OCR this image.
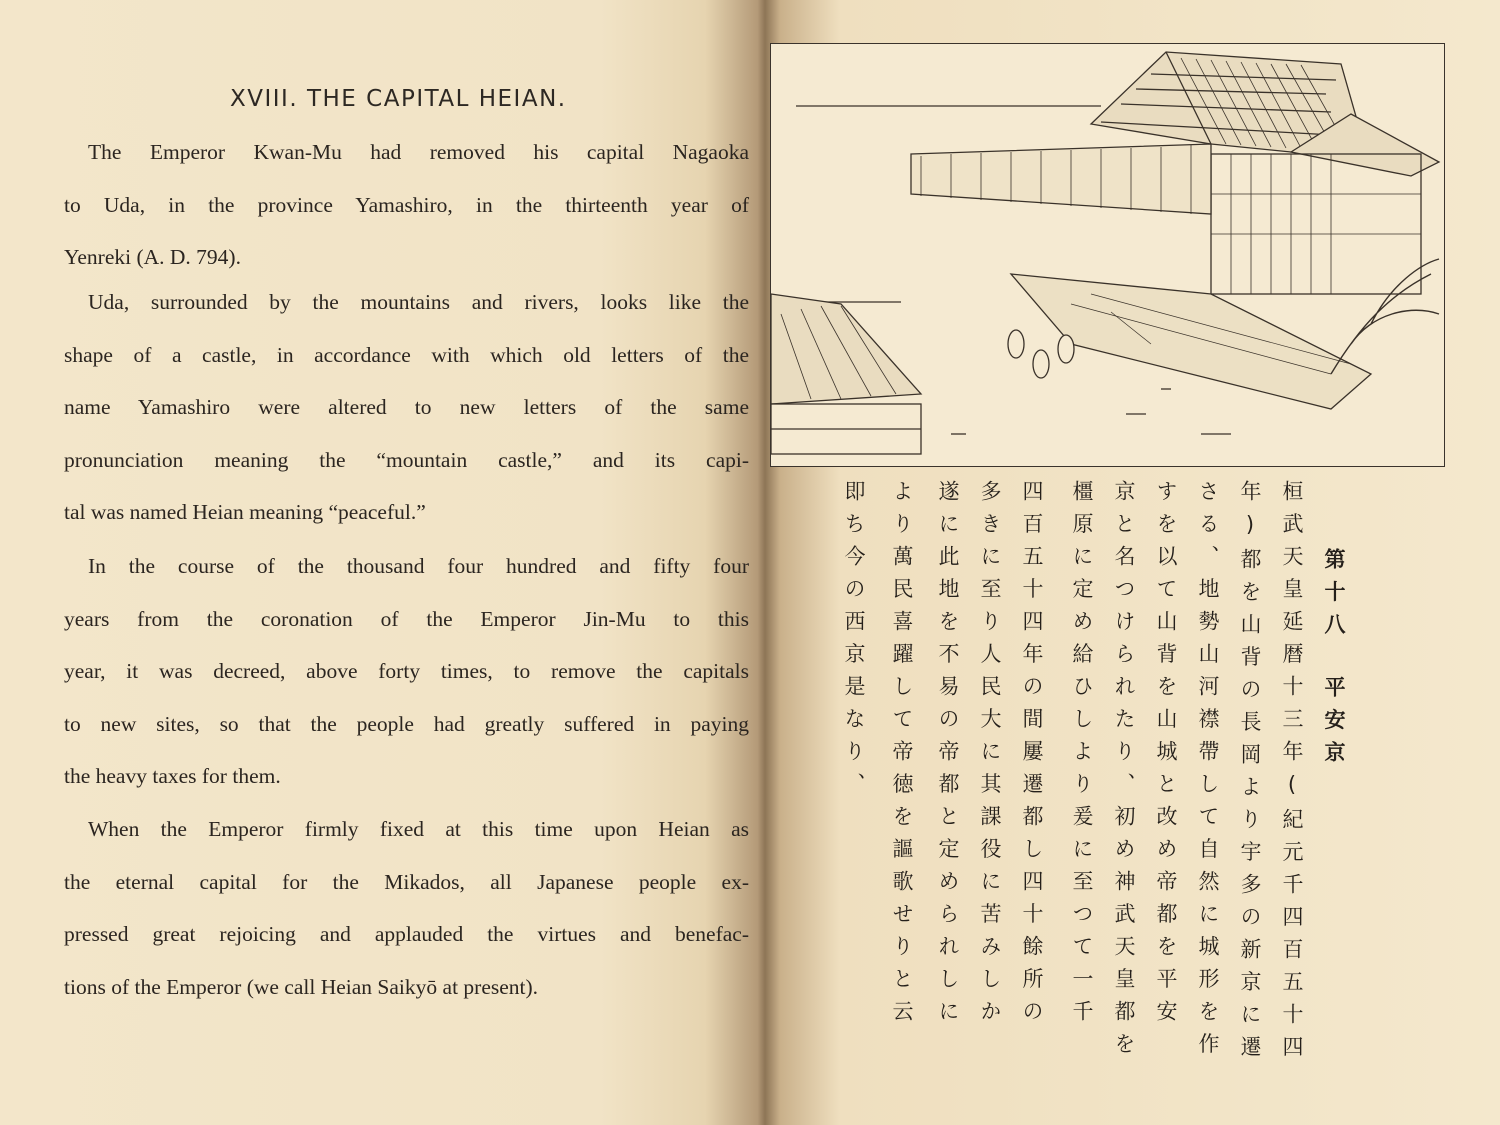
XVIII. THE CAPITAL HEIAN.
The Emperor Kwan-Mu had removed his capital Nagaoka
to Uda, in the province Yamashiro, in the thirteenth year of
Yenreki (A. D. 794).
Uda, surrounded by the mountains and rivers, looks like the
shape of a castle, in accordance with which old letters of the
name Yamashiro were altered to new letters of the same
pronunciation meaning the “mountain castle,” and its capi-
tal was named Heian meaning “peaceful.”
In the course of the thousand four hundred and fifty four
years from the coronation of the Emperor Jin-Mu to this
year, it was decreed, above forty times, to remove the capitals
to new sites, so that the people had greatly suffered in paying
the heavy taxes for them.
When the Emperor firmly fixed at this time upon Heian as
the eternal capital for the Mikados, all Japanese people ex-
pressed great rejoicing and applauded the virtues and benefac-
tions of the Emperor (we call Heian Saikyō at present).
第十八
平安京
桓武天皇延暦十三年(紀元千四百五十四
年)都を山背の長岡より宇多の新京に遷
さる、地勢山河襟帶して自然に城形を作
すを以て山背を山城と改め帝都を平安
京と名つけられたり、初め神武天皇都を
橿原に定め給ひしより爰に至つて一千
四百五十四年の間屢遷都し四十餘所の
多きに至り人民大に其課役に苦みしか
遂に此地を不易の帝都と定められしに
より萬民喜躍して帝徳を謳歌せりと云
即ち今の西京是なり、
